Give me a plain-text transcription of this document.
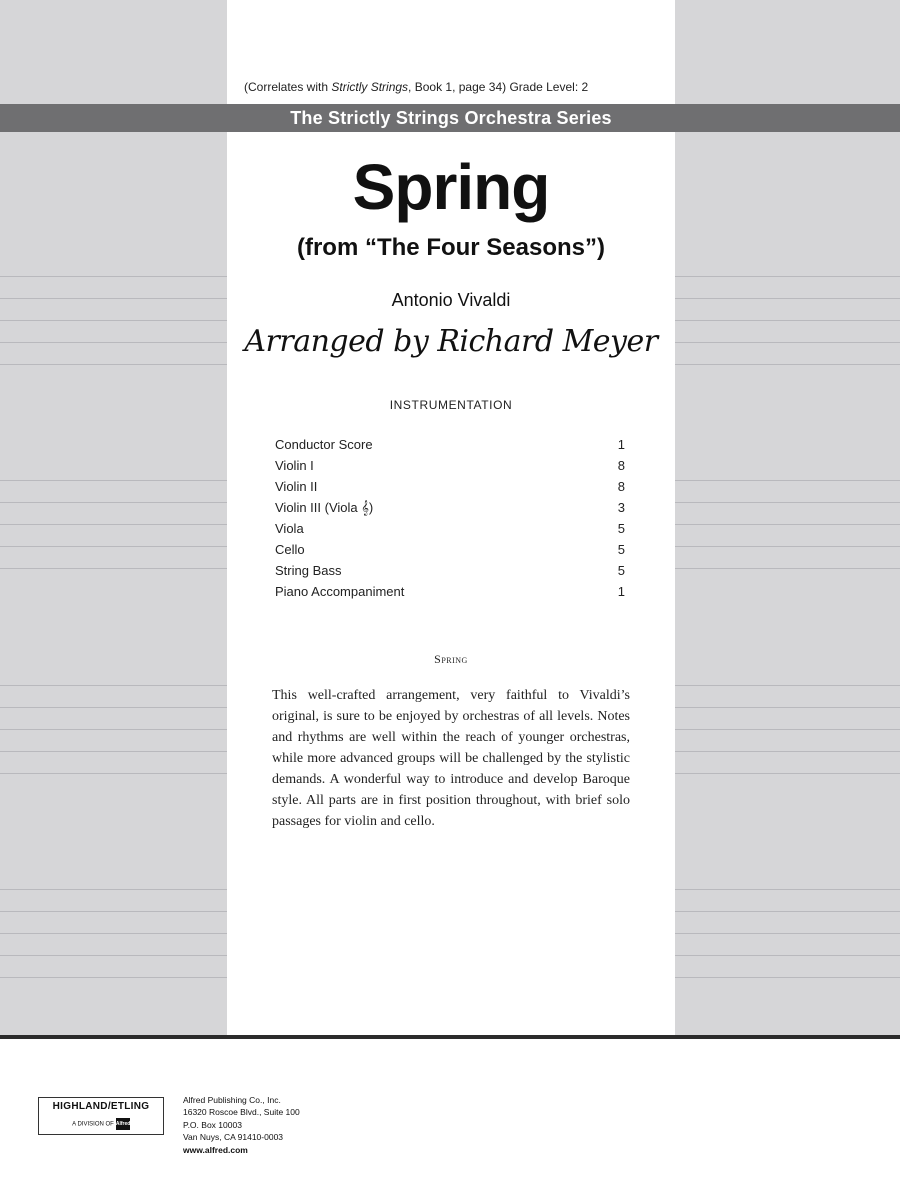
(Correlates with Strictly Strings, Book 1, page 34) Grade Level: 2
The Strictly Strings Orchestra Series
Spring
(from “The Four Seasons”)
Antonio Vivaldi
Arranged by Richard Meyer
INSTRUMENTATION
Conductor Score	1
Violin I	8
Violin II	8
Violin III (Viola 𝄞)	3
Viola	5
Cello	5
String Bass	5
Piano Accompaniment	1
Spring

This well-crafted arrangement, very faithful to Vivaldi’s original, is sure to be enjoyed by orchestras of all levels. Notes and rhythms are well within the reach of younger orchestras, while more advanced groups will be challenged by the stylistic demands. A wonderful way to introduce and develop Baroque style. All parts are in first position throughout, with brief solo passages for violin and cello.

HIGHLAND/ETLING
A DIVISION OF Alfred
Alfred Publishing Co., Inc.
16320 Roscoe Blvd., Suite 100
P.O. Box 10003
Van Nuys, CA 91410-0003
www.alfred.com
